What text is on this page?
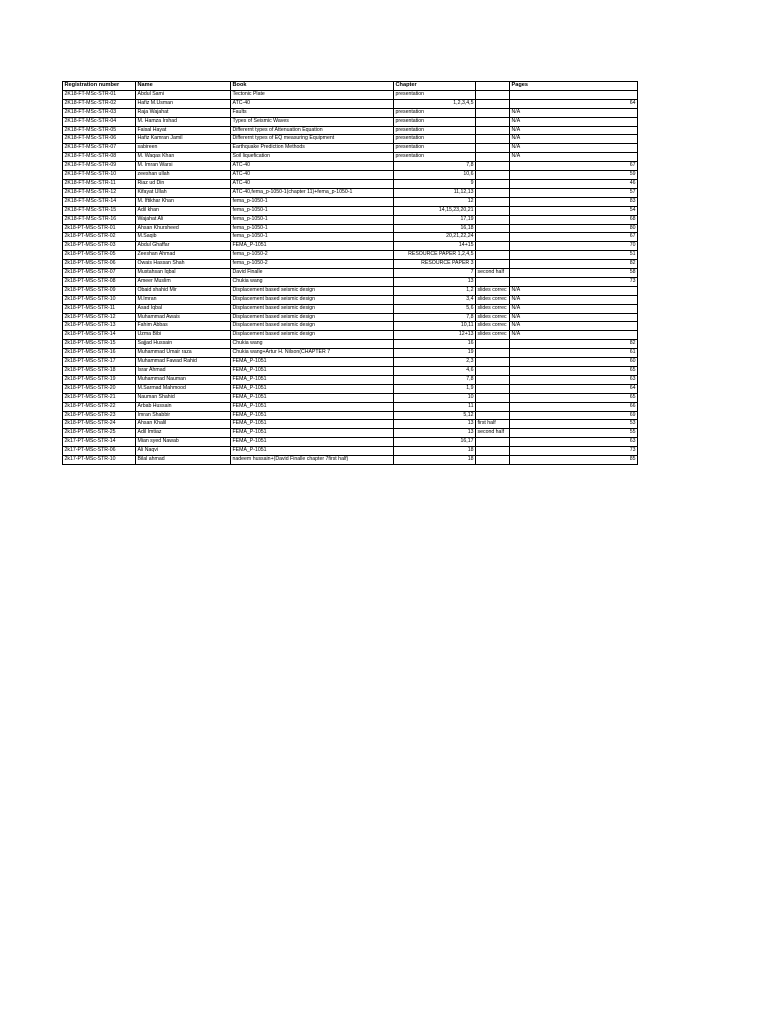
Registration number	Name	Book	Chapter		Pages
2K18-FT-MSc-STR-01	Abdul Sami	Tectonic Plate	presentation		
2K18-FT-MSc-STR-02	Hafiz M.Usman	ATC-40	1,2,3,4,5		64
2K18-FT-MSc-STR-03	Raja Wajahat	Faults	presentation		N/A
2K18-FT-MSc-STR-04	M. Hamza Irshad	Types of Seismic Waves	presentation		N/A
2K18-FT-MSc-STR-05	Faisal Hayat	Differernt types of Attenuation Equation	presentation		N/A
2K18-FT-MSc-STR-06	Hafiz Kamran Jamil	Differernt types of EQ measuring Equipment	presentation		N/A
2K18-FT-MSc-STR-07	sabireen	Earthquake Prediction Methods	presentation		N/A
2K18-FT-MSc-STR-08	M. Waqas Khan	Soil liquefication	presentation		N/A
2K18-FT-MSc-STR-09	M. Imran Warsi	ATC-40	7,8		67
2K18-FT-MSc-STR-10	zeeshan ullah	ATC-40	10,6		59
2K18-FT-MSc-STR-11	Riaz ud Din	ATC-40	9		46
2K18-FT-MSc-STR-12	Kifayat Ullah	ATC-40,fema_p-1050-1(chapter 11)+fema_p-1050-1	11,12,13		57
2K18-FT-MSc-STR-14	M. Iftikhar Khan	fema_p-1050-1	12		83
2K18-FT-MSc-STR-15	Adil khan	fema_p-1050-1	14,15,23,20,21		54
2K18-FT-MSc-STR-16	Wajahat Ali	fema_p-1050-1	17,19		68
2k18-PT-MSc-STR-01	Ahsan Khursheed	fema_p-1050-1	16,18		80
2k18-PT-MSc-STR-02	M.Saqib	fema_p-1050-1	20,21,22,24		67
2k18-PT-MSc-STR-03	Abdul Ghaffar	FEMA_P-1051	14+15		70
2k18-PT-MSc-STR-05	Zeeshan Ahmad	fema_p-1050-2	RESOURCE PAPER 1,2,4,5		51
2k18-PT-MSc-STR-06	Owais Hassan Shah	fema_p-1050-2	RESOURCE PAPER 3		82
2k18-PT-MSc-STR-07	Mustahsan Iqbal	David Finalle	7	second half	58
2k18-PT-MSc-STR-08	Ameer Muslim	Chukia wang	13		73
2k18-PT-MSc-STR-09	Obaid shahid Mir	Displacement based seismic design	1,2	slides correc	N/A
2k18-PT-MSc-STR-10	M.Imran	Displacement based seismic design	3,4	slides correc	N/A
2k18-PT-MSc-STR-11	Asad Iqbal	Displacement based seismic design	5,6	slides correc	N/A
2k18-PT-MSc-STR-12	Muhammad Awais	Displacement based seismic design	7,8	slides correc	N/A
2k18-PT-MSc-STR-13	Fahim Abbas	Displacement based seismic design	10,11	slides correc	N/A
2k18-PT-MSc-STR-14	Uzma Bibi	Displacement based seismic design	12+13	slides correc	N/A
2k18-PT-MSc-STR-15	Sajjad Hussain	Chukia wang	16		82
2k18-PT-MSc-STR-16	Muhammad Umair raza	Chukia wang+Artur H. Nilson(CHAPTER 7	19		61
2k18-PT-MSc-STR-17	Muhammad Fawad Rahid	FEMA_P-1051	2,3		60
2k18-PT-MSc-STR-18	Israr Ahmad	FEMA_P-1051	4,6		65
2k18-PT-MSc-STR-19	Muhammad Nauman	FEMA_P-1051	7,8		63
2k18-PT-MSc-STR-20	M.Sarmad Mahmood	FEMA_P-1051	1,9		64
2k18-PT-MSc-STR-21	Nauman Shahid	FEMA_P-1051	10		65
2k18-PT-MSc-STR-22	Arbab Hussain	FEMA_P-1051	11		66
2k18-PT-MSc-STR-23	Imran Shabbir	FEMA_P-1051	5,12		69
2k18-PT-MSc-STR-24	Ahsan Khalil	FEMA_P-1051	13	first half	53
2k18-PT-MSc-STR-25	Adil Imtiaz	FEMA_P-1051	13	second half	55
2k17-PT-MSc-STR-14	Mian syed Nawab	FEMA_P-1051	16,17		63
2k17-PT-MSc-STR-06	Ali Naqvi	FEMA_P-1051	18		73
2k17-PT-MSc-STR-10	Bilal ahmad	nadeem hussain+(David Finalle chapter 7first half)	18		85
